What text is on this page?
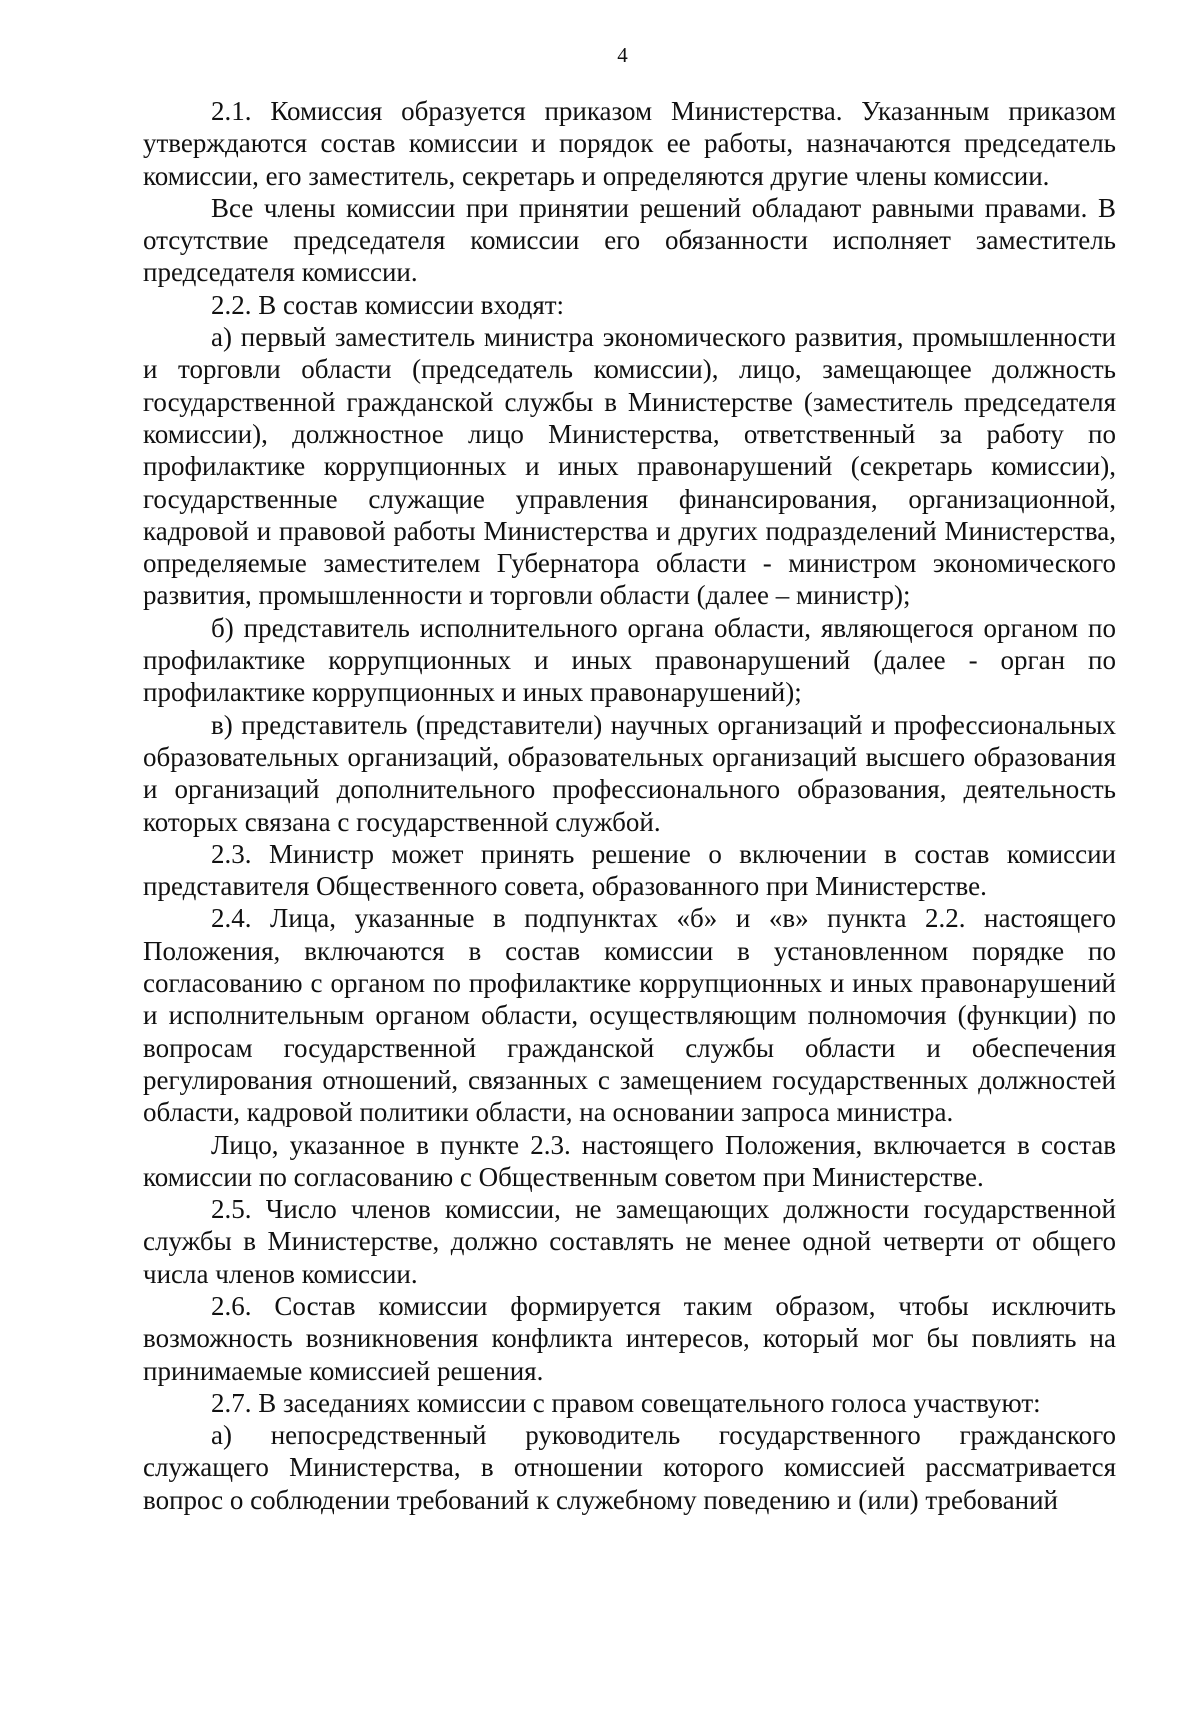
4

2.1. Комиссия образуется приказом Министерства. Указанным приказом утверждаются состав комиссии и порядок ее работы, назначаются председатель комиссии, его заместитель, секретарь и определяются другие члены комиссии.

Все члены комиссии при принятии решений обладают равными правами. В отсутствие председателя комиссии его обязанности исполняет заместитель председателя комиссии.

2.2. В состав комиссии входят:

а) первый заместитель министра экономического развития, промышленности и торговли области (председатель комиссии), лицо, замещающее должность государственной гражданской службы в Министерстве (заместитель председателя комиссии), должностное лицо Министерства, ответственный за работу по профилактике коррупционных и иных правонарушений (секретарь комиссии), государственные служащие управления финансирования, организационной, кадровой и правовой работы Министерства и других подразделений Министерства, определяемые заместителем Губернатора области - министром экономического развития, промышленности и торговли области (далее – министр);

б) представитель исполнительного органа области, являющегося органом по профилактике коррупционных и иных правонарушений (далее - орган по профилактике коррупционных и иных правонарушений);

в) представитель (представители) научных организаций и профессиональных образовательных организаций, образовательных организаций высшего образования и организаций дополнительного профессионального образования, деятельность которых связана с государственной службой.

2.3. Министр может принять решение о включении в состав комиссии представителя Общественного совета, образованного при Министерстве.

2.4. Лица, указанные в подпунктах «б» и «в» пункта 2.2. настоящего Положения, включаются в состав комиссии в установленном порядке по согласованию с органом по профилактике коррупционных и иных правонарушений и исполнительным органом области, осуществляющим полномочия (функции) по вопросам государственной гражданской службы области и обеспечения регулирования отношений, связанных с замещением государственных должностей области, кадровой политики области, на основании запроса министра.

Лицо, указанное в пункте 2.3. настоящего Положения, включается в состав комиссии по согласованию с Общественным советом при Министерстве.

2.5. Число членов комиссии, не замещающих должности государственной службы в Министерстве, должно составлять не менее одной четверти от общего числа членов комиссии.

2.6. Состав комиссии формируется таким образом, чтобы исключить возможность возникновения конфликта интересов, который мог бы повлиять на принимаемые комиссией решения.

2.7. В заседаниях комиссии с правом совещательного голоса участвуют:

а) непосредственный руководитель государственного гражданского служащего Министерства, в отношении которого комиссией рассматривается вопрос о соблюдении требований к служебному поведению и (или) требований
